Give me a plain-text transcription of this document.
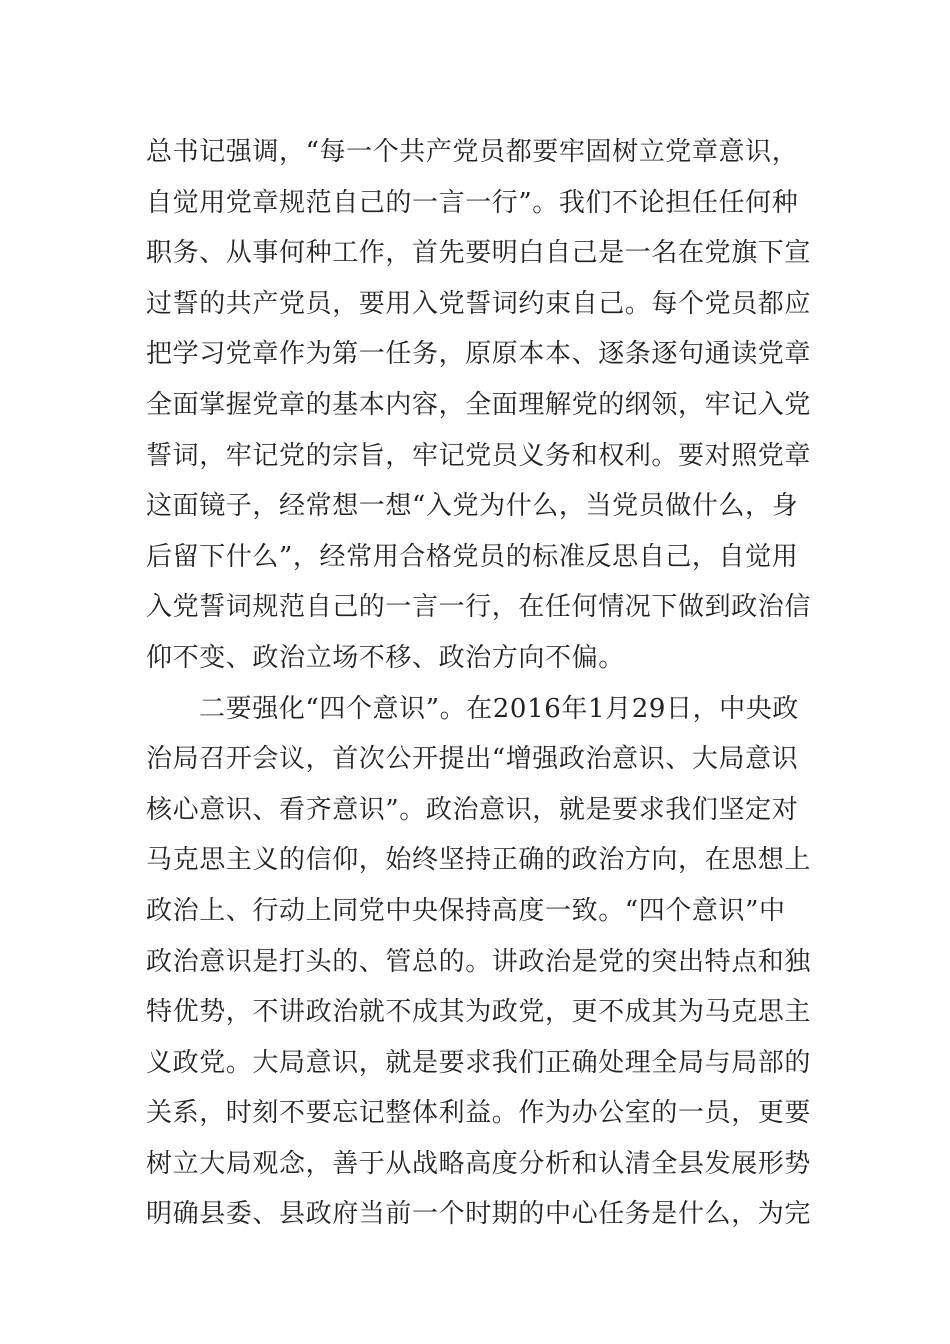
总书记强调，“每一个共产党员都要牢固树立党章意识，
自觉用党章规范自己的一言一行”。我们不论担任任何种
职务、从事何种工作，首先要明白自己是一名在党旗下宣
过誓的共产党员，要用入党誓词约束自己。每个党员都应
把学习党章作为第一任务，原原本本、逐条逐句通读党章
全面掌握党章的基本内容，全面理解党的纲领，牢记入党
誓词，牢记党的宗旨，牢记党员义务和权利。要对照党章
这面镜子，经常想一想“入党为什么，当党员做什么，身
后留下什么”，经常用合格党员的标准反思自己，自觉用
入党誓词规范自己的一言一行，在任何情况下做到政治信
仰不变、政治立场不移、政治方向不偏。
二要强化“四个意识”。在2016年1月29日，中央政
治局召开会议，首次公开提出“增强政治意识、大局意识
核心意识、看齐意识”。政治意识，就是要求我们坚定对
马克思主义的信仰，始终坚持正确的政治方向，在思想上
政治上、行动上同党中央保持高度一致。“四个意识”中
政治意识是打头的、管总的。讲政治是党的突出特点和独
特优势，不讲政治就不成其为政党，更不成其为马克思主
义政党。大局意识，就是要求我们正确处理全局与局部的
关系，时刻不要忘记整体利益。作为办公室的一员，更要
树立大局观念，善于从战略高度分析和认清全县发展形势
明确县委、县政府当前一个时期的中心任务是什么，为完
